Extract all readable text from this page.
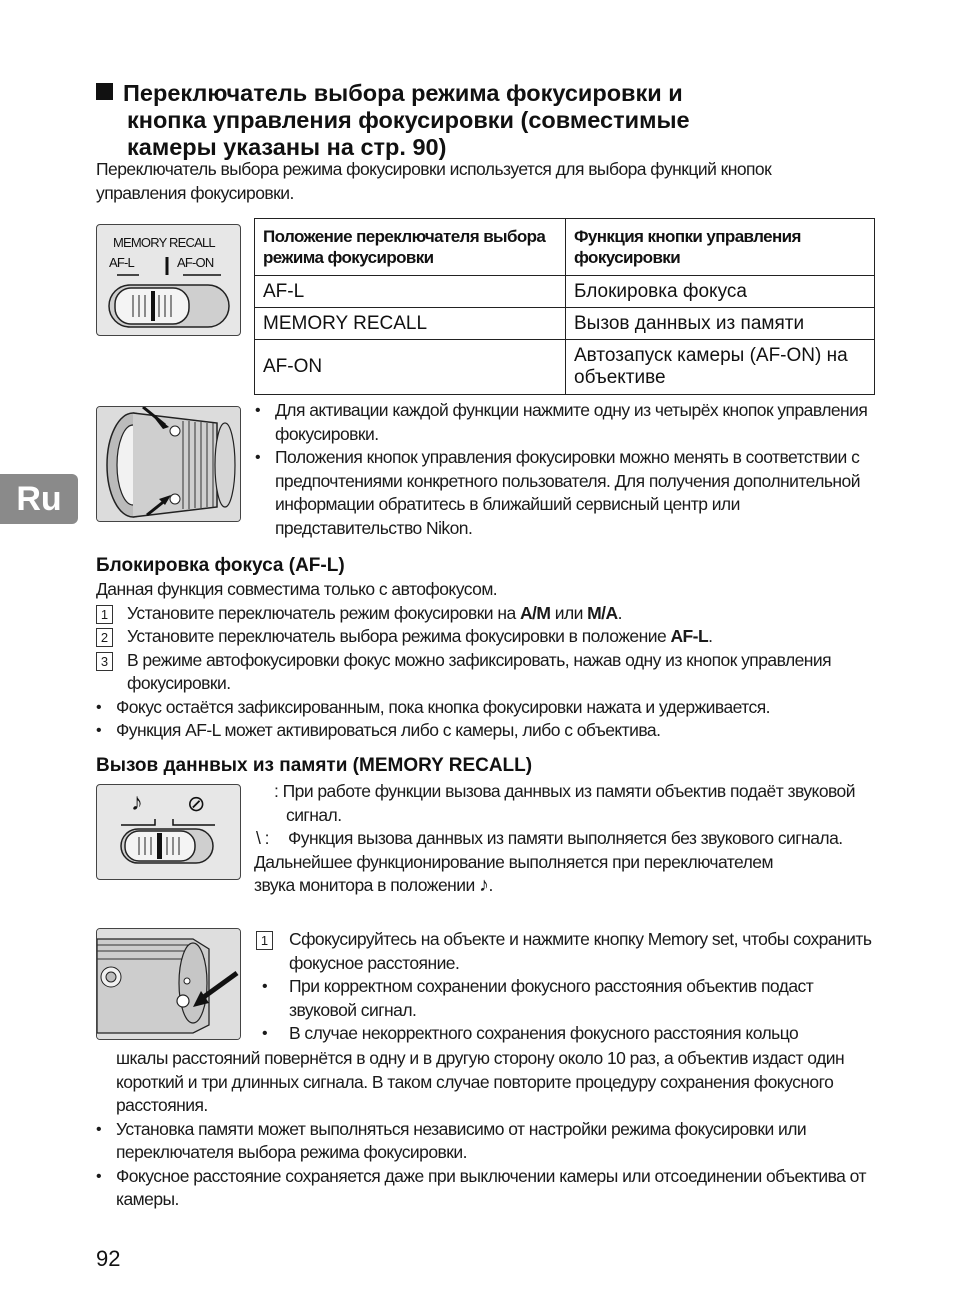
Переключатель выбора режима фокусировки и
кнопка управления фокусировки (совместимые
камеры указаны на стр. 90)
Переключатель выбора режима фокусировки используется для выбора функций кнопок
управления фокусировки.
MEMORY RECALL
AF-L	AF-ON
Положение переключателя выбора режима фокусировки	Функция кнопки управления фокусировки
AF-L	Блокировка фокуса
MEMORY RECALL	Вызов даннвых из памяти
AF-ON	Автозапуск камеры (AF-ON) на объективе
• Для активации каждой функции нажмите одну из четырёх кнопок управления фокусировки.
• Положения кнопок управления фокусировки можно менять в соответствии с предпочтениями конкретного пользователя. Для получения дополнительной информации обратитесь в ближайший сервисный центр или представительство Nikon.
Ru
Блокировка фокуса (AF-L)
Данная функция совместима только с автофокусом.
1 Установите переключатель режим фокусировки на A/M или M/A.
2 Установите переключатель выбора режима фокусировки в положение AF-L.
3 В режиме автофокусировки фокус можно зафиксировать, нажав одну из кнопок управления фокусировки.
• Фокус остаётся зафиксированным, пока кнопка фокусировки нажата и удерживается.
• Функция AF-L может активироваться либо с камеры, либо с объектива.
Вызов даннвых из памяти (MEMORY RECALL)
♪ ⊘	: При работе функции вызова даннвых из памяти объектив подаёт звуковой сигнал.
\ : Функция вызова даннвых из памяти выполняется без звукового сигнала.
Дальнейшее функционирование выполняется при переключателем
звука монитора в положении ♪.
1 Сфокусируйтесь на объекте и нажмите кнопку Memory set, чтобы сохранить фокусное расстояние.
• При корректном сохранении фокусного расстояния объектив подаст звуковой сигнал.
• В случае некорректного сохранения фокусного расстояния кольцо
шкалы расстояний повернётся в одну и в другую сторону около 10 раз, а объектив издаст один короткий и три длинных сигнала. В таком случае повторите процедуру сохранения фокусного расстояния.
• Установка памяти может выполняться независимо от настройки режима фокусировки или переключателя выбора режима фокусировки.
• Фокусное расстояние сохраняется даже при выключении камеры или отсоединении объектива от камеры.
92
